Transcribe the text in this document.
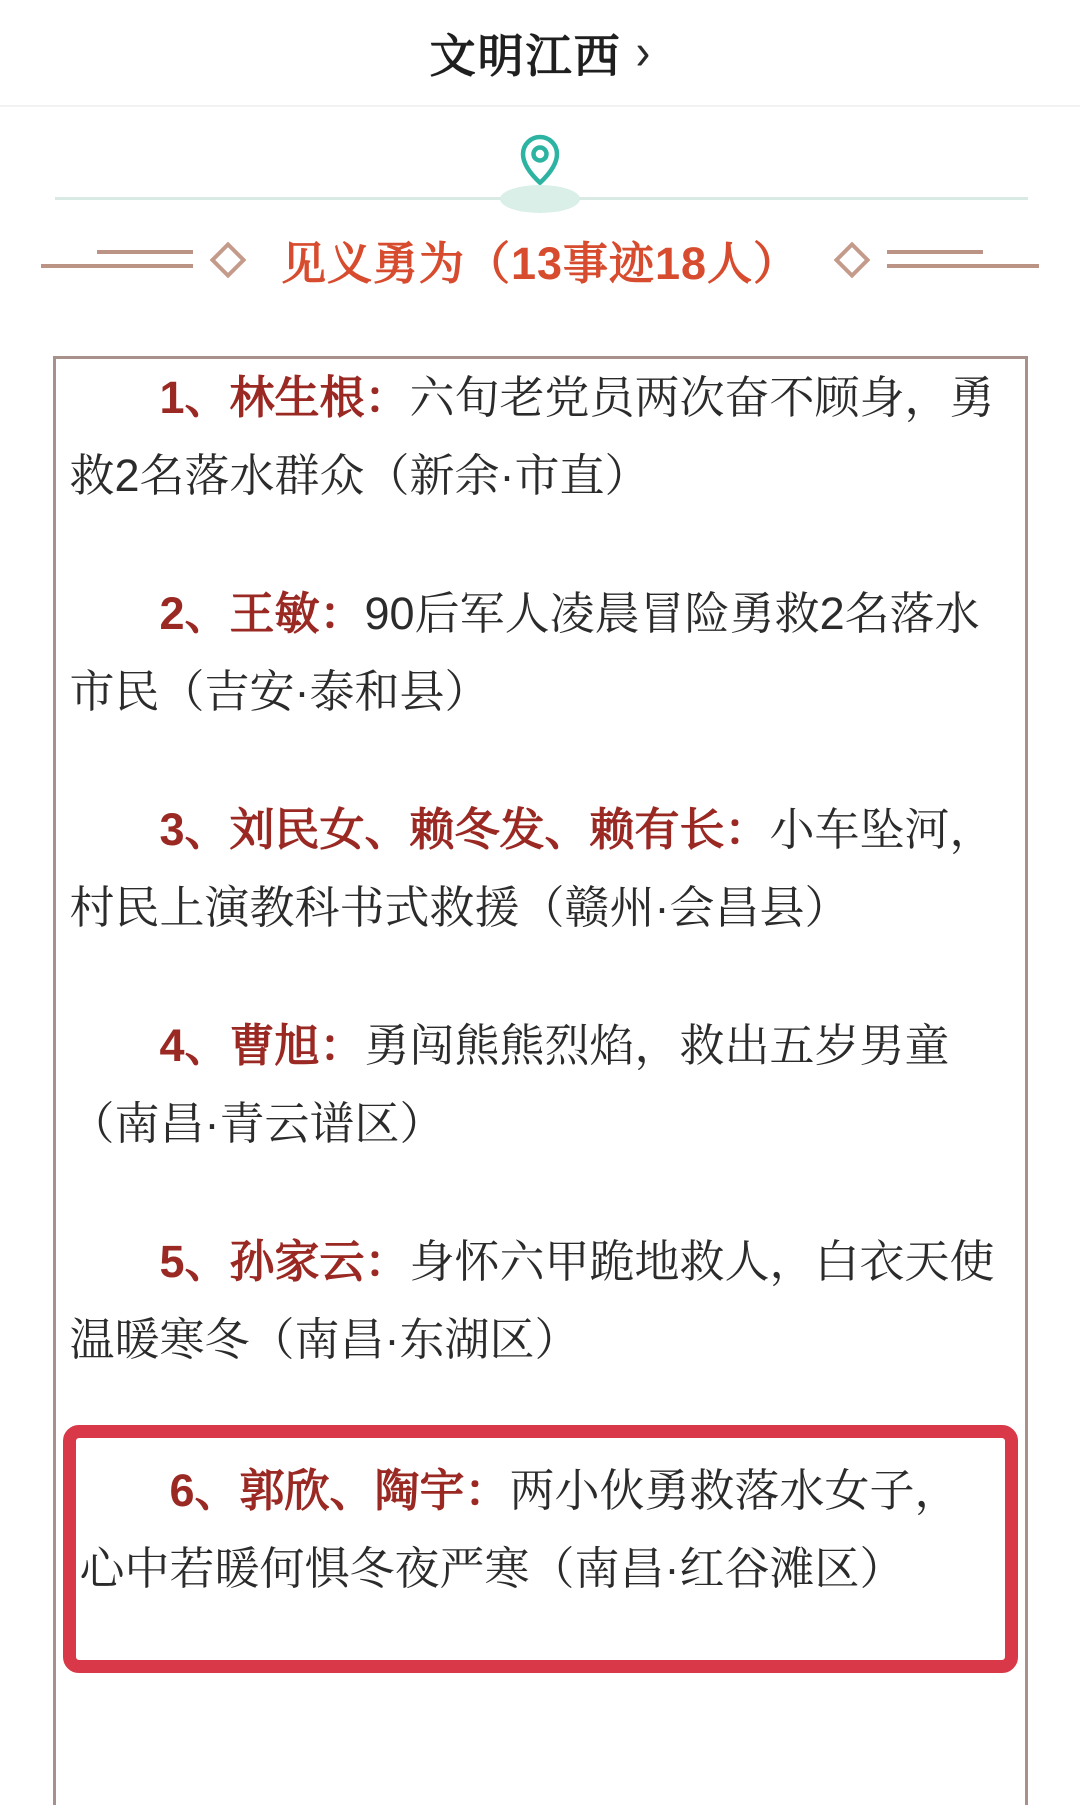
文明江西 ›
见义勇为（13事迹18人）

1、林生根：六旬老党员两次奋不顾身，勇救2名落水群众（新余·市直）

2、王敏：90后军人凌晨冒险勇救2名落水市民（吉安·泰和县）

3、刘民女、赖冬发、赖有长：小车坠河，村民上演教科书式救援（赣州·会昌县）

4、曹旭：勇闯熊熊烈焰，救出五岁男童（南昌·青云谱区）

5、孙家云：身怀六甲跪地救人，白衣天使温暖寒冬（南昌·东湖区）

6、郭欣、陶宇：两小伙勇救落水女子，心中若暖何惧冬夜严寒（南昌·红谷滩区）
